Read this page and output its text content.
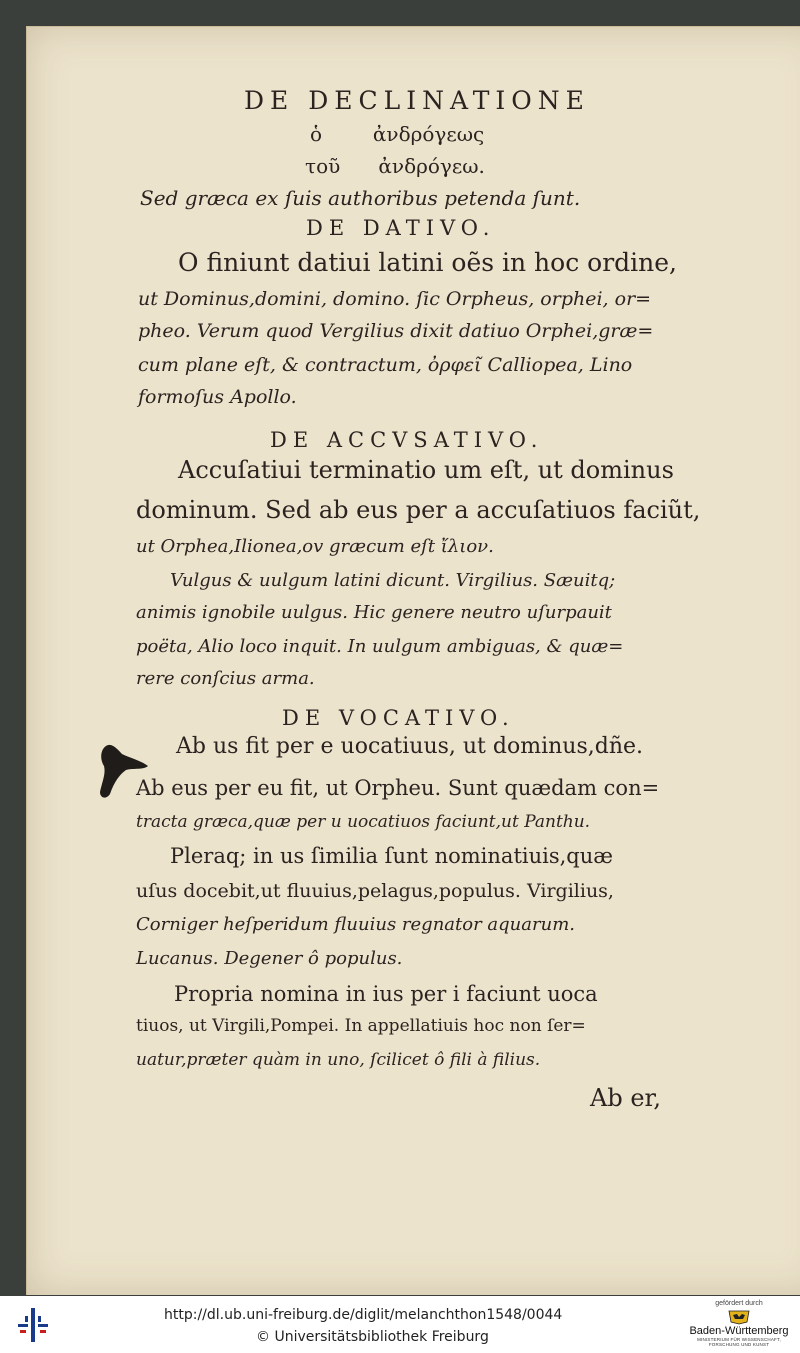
DE DECLINATIONE
ὁ        ἀνδρόγεως
τοῦ      ἀνδρόγεω.
Sed græca ex ſuis authoribus petenda ſunt.
DE DATIVO.
O finiunt datiui latini oẽs in hoc ordine,
ut Dominus,domini, domino. ſic Orpheus, orphei, or=
pheo. Verum quod Vergilius dixit datiuo Orphei,græ=
cum plane eſt, & contractum, ὀρφεῖ Calliopea, Lino
formoſus Apollo.
DE ACCVSATIVO.
Accuſatiui terminatio um eſt, ut dominus
dominum. Sed ab eus per a accuſatiuos faciũt,
ut Orphea,Ilionea,ov græcum eſt ἴλιον.
Vulgus & uulgum latini dicunt. Virgilius. Sæuitq;
animis ignobile uulgus. Hic genere neutro uſurpauit
poëta, Alio loco inquit. In uulgum ambiguas, & quæ=
rere conſcius arma.
DE VOCATIVO.
Ab us fit per e uocatiuus, ut dominus,dñe.
Ab eus per eu fit, ut Orpheu. Sunt quædam con=
tracta græca,quæ per u uocatiuos faciunt,ut Panthu.
Pleraq; in us ſimilia ſunt nominatiuis,quæ
uſus docebit,ut fluuius,pelagus,populus. Virgilius,
Corniger heſperidum fluuius regnator aquarum.
Lucanus. Degener ô populus.
Propria nomina in ius per i faciunt uoca
tiuos, ut Virgili,Pompei. In appellatiuis hoc non ſer=
uatur,præter quàm in uno, ſcilicet ô fili à filius.
Ab er,
http://dl.ub.uni-freiburg.de/diglit/melanchthon1548/0044
© Universitätsbibliothek Freiburg
gefördert durch
Baden-Württemberg
MINISTERIUM FÜR WISSENSCHAFT, FORSCHUNG UND KUNST
